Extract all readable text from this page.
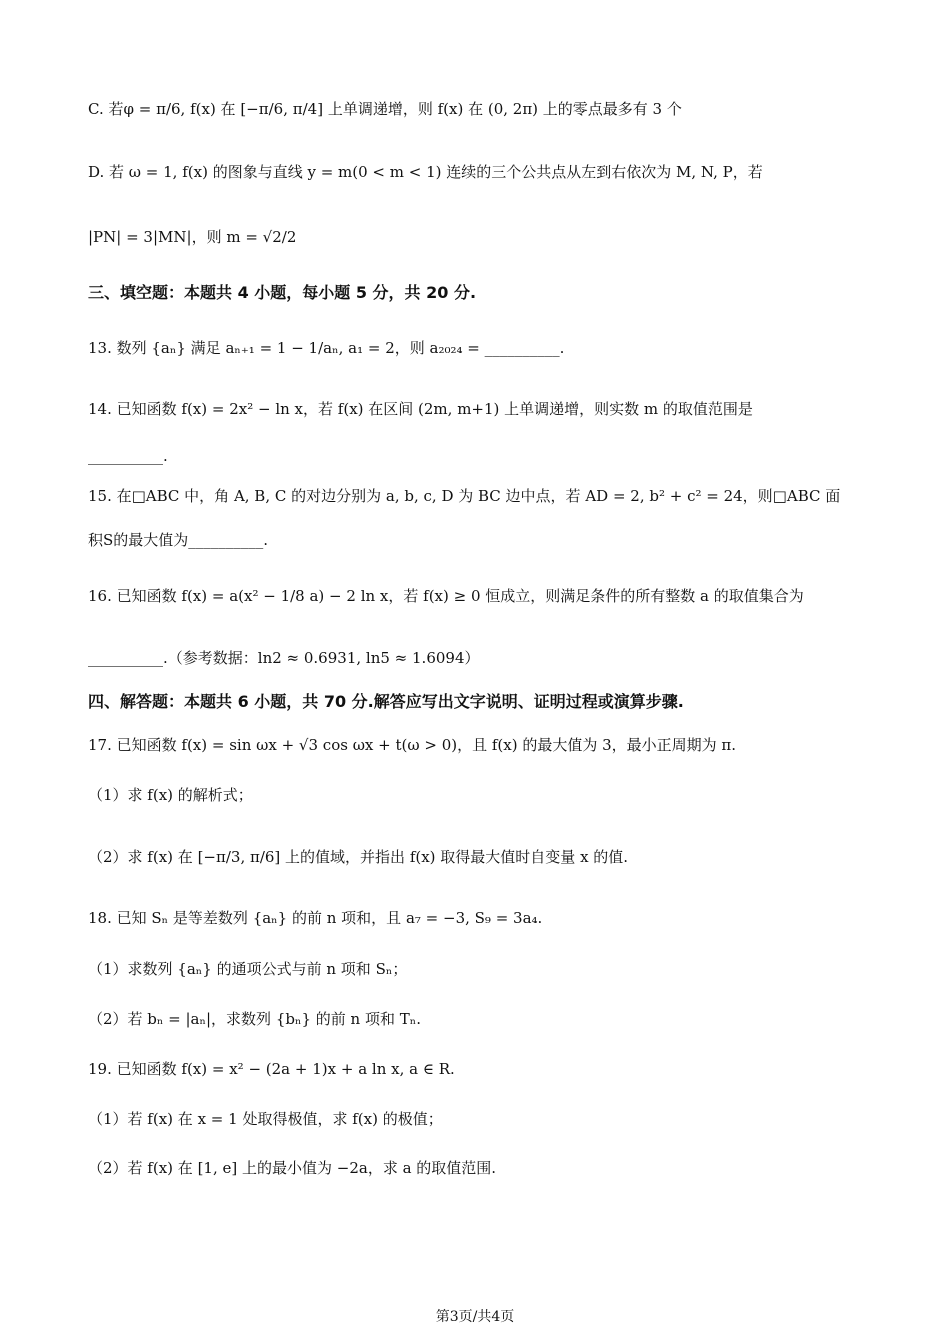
C. 若φ = π/6, f(x) 在 [−π/6, π/4] 上单调递增，则 f(x) 在 (0, 2π) 上的零点最多有 3 个
D. 若 ω = 1, f(x) 的图象与直线 y = m(0 < m < 1) 连续的三个公共点从左到右依次为 M, N, P，若
|PN| = 3|MN|，则 m = √2/2
三、填空题：本题共 4 小题，每小题 5 分，共 20 分.
13. 数列 {aₙ} 满足 aₙ₊₁ = 1 − 1/aₙ, a₁ = 2，则 a₂₀₂₄ = __________.
14. 已知函数 f(x) = 2x² − ln x，若 f(x) 在区间 (2m, m+1) 上单调递增，则实数 m 的取值范围是
__________.
15. 在□ABC 中，角 A, B, C 的对边分别为 a, b, c, D 为 BC 边中点，若 AD = 2, b² + c² = 24，则□ABC 面
积S的最大值为__________.
16. 已知函数 f(x) = a(x² − 1/8 a) − 2 ln x，若 f(x) ≥ 0 恒成立，则满足条件的所有整数 a 的取值集合为
__________.（参考数据：ln2 ≈ 0.6931, ln5 ≈ 1.6094）
四、解答题：本题共 6 小题，共 70 分.解答应写出文字说明、证明过程或演算步骤.
17. 已知函数 f(x) = sin ωx + √3 cos ωx + t(ω > 0)，且 f(x) 的最大值为 3，最小正周期为 π.
（1）求 f(x) 的解析式；
（2）求 f(x) 在 [−π/3, π/6] 上的值域，并指出 f(x) 取得最大值时自变量 x 的值.
18. 已知 Sₙ 是等差数列 {aₙ} 的前 n 项和，且 a₇ = −3, S₉ = 3a₄.
（1）求数列 {aₙ} 的通项公式与前 n 项和 Sₙ；
（2）若 bₙ = |aₙ|，求数列 {bₙ} 的前 n 项和 Tₙ.
19. 已知函数 f(x) = x² − (2a + 1)x + a ln x, a ∈ R.
（1）若 f(x) 在 x = 1 处取得极值，求 f(x) 的极值；
（2）若 f(x) 在 [1, e] 上的最小值为 −2a，求 a 的取值范围.
第3页/共4页
